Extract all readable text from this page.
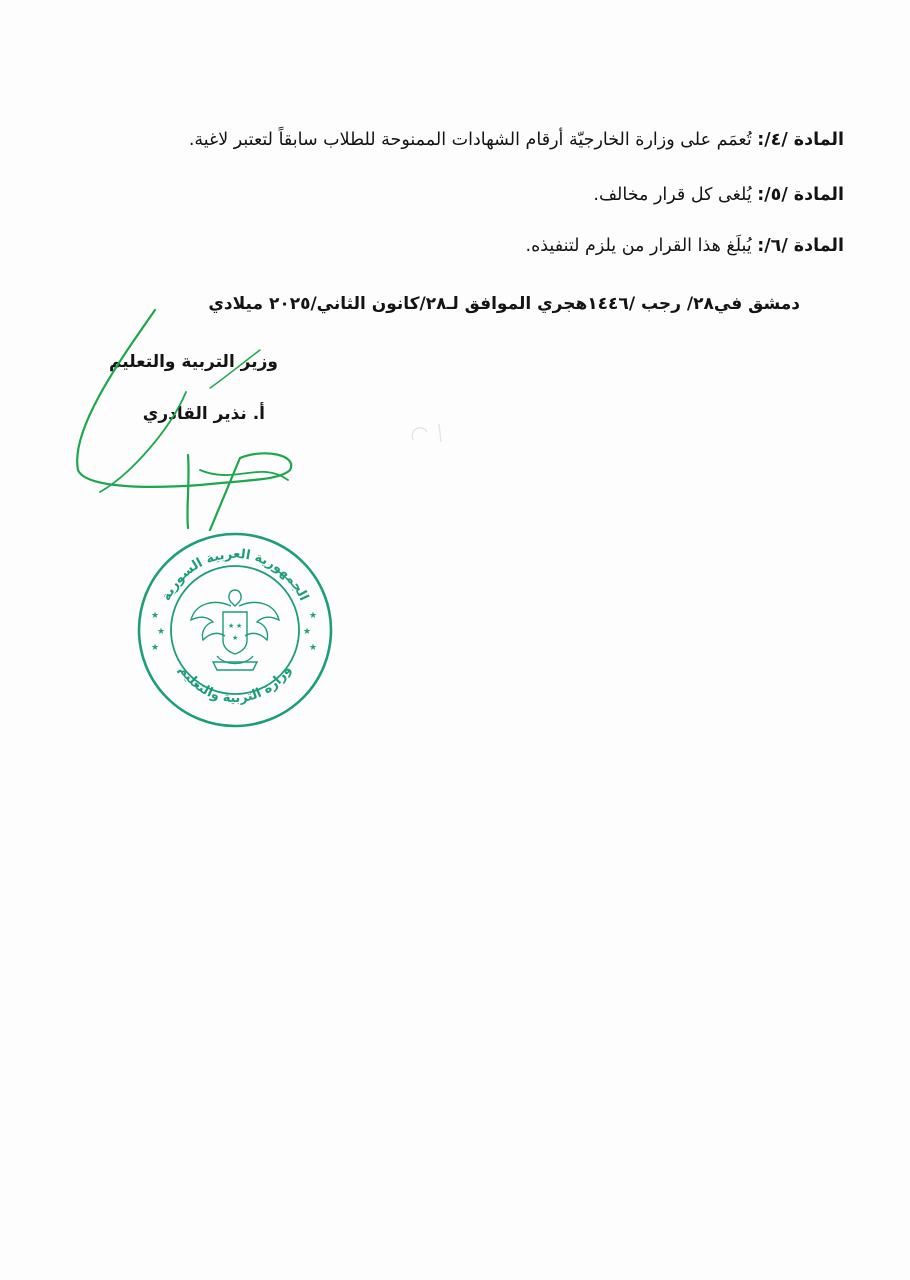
المادة /٤/: تُعمَم على وزارة الخارجيّة أرقام الشهادات الممنوحة للطلاب سابقاً لتعتبر لاغية.
المادة /٥/: يُلغى كل قرار مخالف.
المادة /٦/: يُبلَغ هذا القرار من يلزم لتنفيذه.
دمشق في٢٨/ رجب /١٤٤٦هجري الموافق لـ٢٨/كانون الثاني/٢٠٢٥ ميلادي
وزير التربية والتعليم
أ. نذير القادري
الجمهورية العربية السورية
وزارة التربية والتعليم
★
★
★
★
★
★
★ ★
★
